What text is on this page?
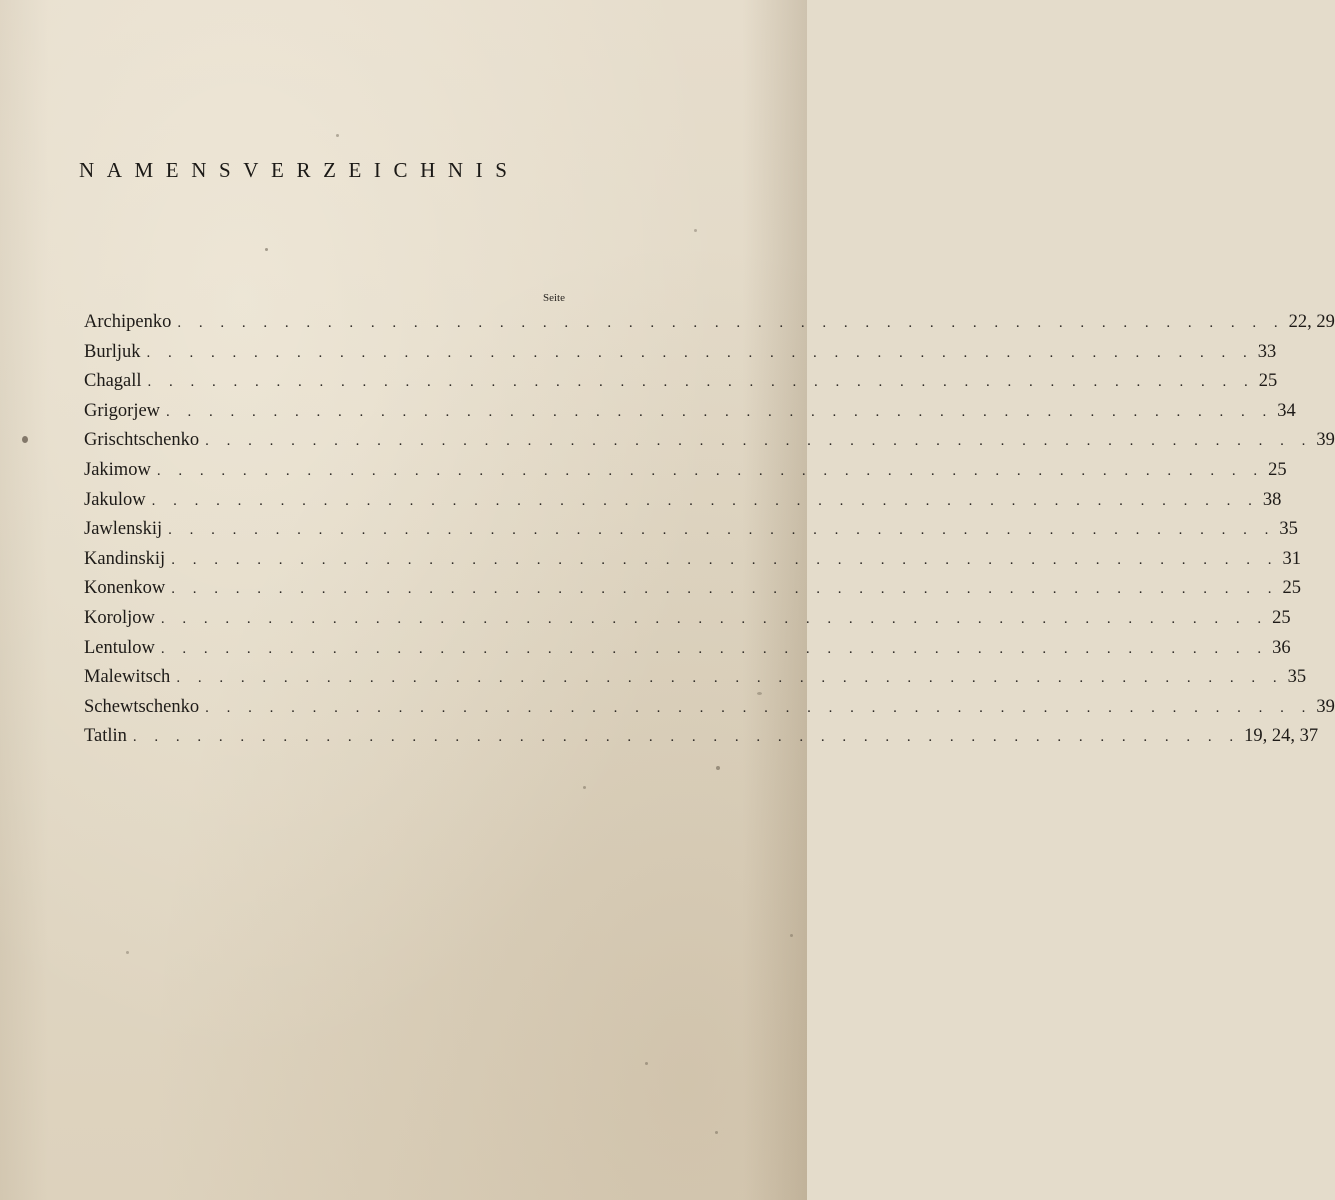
NAMENSVERZEICHNIS
Seite
Archipenko . . . . . . . . . . . . . . . . . . . . . . . . . . . . . . . . . . . . . . . . . . . . . . . . . . . . 22, 29
Burljuk . . . . . . . . . . . . . . . . . . . . . . . . . . . . . . . . . . . . . . . . . . . . . . . . . . . . 33
Chagall . . . . . . . . . . . . . . . . . . . . . . . . . . . . . . . . . . . . . . . . . . . . . . . . . . . . 25
Grigorjew . . . . . . . . . . . . . . . . . . . . . . . . . . . . . . . . . . . . . . . . . . . . . . . . . . . . 34
Grischtschenko . . . . . . . . . . . . . . . . . . . . . . . . . . . . . . . . . . . . . . . . . . . . . . . . . . . . 39
Jakimow . . . . . . . . . . . . . . . . . . . . . . . . . . . . . . . . . . . . . . . . . . . . . . . . . . . . 25
Jakulow . . . . . . . . . . . . . . . . . . . . . . . . . . . . . . . . . . . . . . . . . . . . . . . . . . . . 38
Jawlenskij . . . . . . . . . . . . . . . . . . . . . . . . . . . . . . . . . . . . . . . . . . . . . . . . . . . . 35
Kandinskij . . . . . . . . . . . . . . . . . . . . . . . . . . . . . . . . . . . . . . . . . . . . . . . . . . . . 31
Konenkow . . . . . . . . . . . . . . . . . . . . . . . . . . . . . . . . . . . . . . . . . . . . . . . . . . . . 25
Koroljow . . . . . . . . . . . . . . . . . . . . . . . . . . . . . . . . . . . . . . . . . . . . . . . . . . . . 25
Lentulow . . . . . . . . . . . . . . . . . . . . . . . . . . . . . . . . . . . . . . . . . . . . . . . . . . . . 36
Malewitsch . . . . . . . . . . . . . . . . . . . . . . . . . . . . . . . . . . . . . . . . . . . . . . . . . . . . 35
Schewtschenko . . . . . . . . . . . . . . . . . . . . . . . . . . . . . . . . . . . . . . . . . . . . . . . . . . . . 39
Tatlin . . . . . . . . . . . . . . . . . . . . . . . . . . . . . . . . . . . . . . . . . . . . . . . . . . . . 19, 24, 37
